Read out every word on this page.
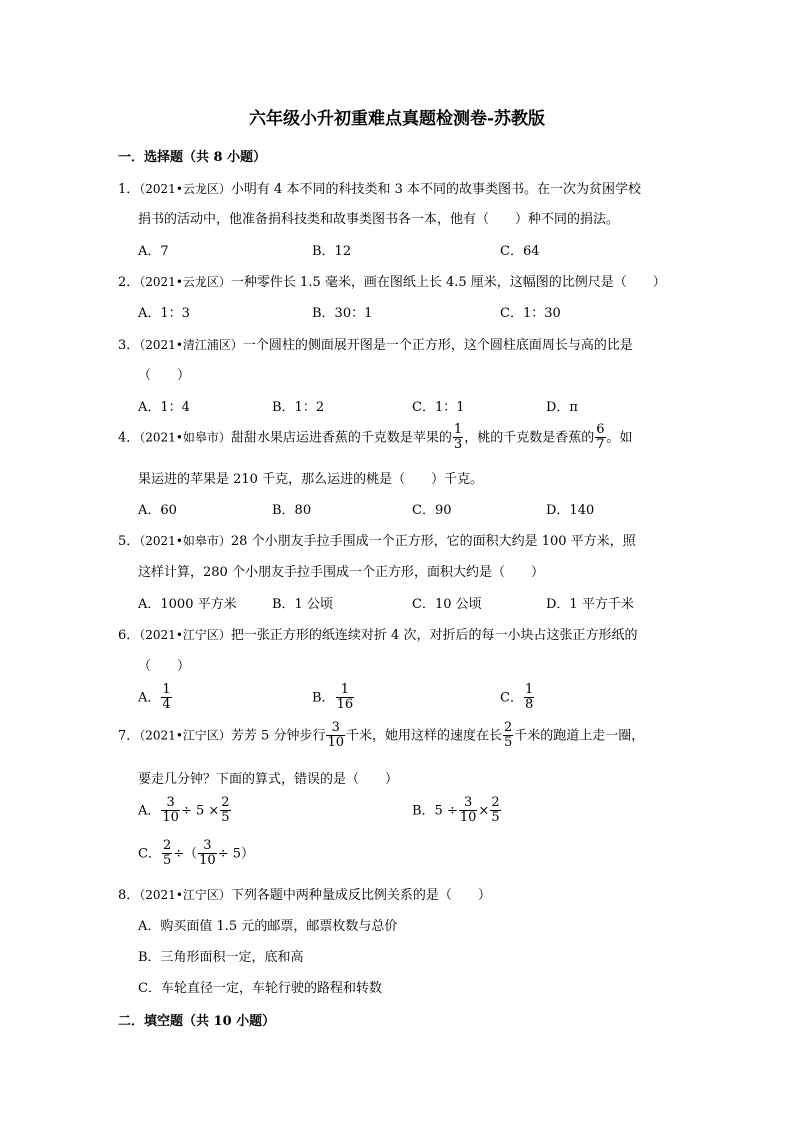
六年级小升初重难点真题检测卷-苏教版
一．选择题（共 8 小题）
1．（2021•云龙区）小明有 4 本不同的科技类和 3 本不同的故事类图书。在一次为贫困学校
捐书的活动中，他准备捐科技类和故事类图书各一本，他有（　　）种不同的捐法。
A．7	B．12	C．64
2．（2021•云龙区）一种零件长 1.5 毫米，画在图纸上长 4.5 厘米，这幅图的比例尺是（　　）
A．1：3	B．30：1	C．1：30
3．（2021•清江浦区）一个圆柱的侧面展开图是一个正方形，这个圆柱底面周长与高的比是
（　　）
A．1：4	B．1：2	C．1：1	D．π
4．（2021•如皋市）甜甜水果店运进香蕉的千克数是苹果的 $\frac{1}{3}$ ，桃的千克数是香蕉的 $\frac{6}{7}$ 。如
果运进的苹果是 210 千克，那么运进的桃是（　　）千克。
A．60	B．80	C．90	D．140
5．（2021•如皋市）28 个小朋友手拉手围成一个正方形，它的面积大约是 100 平方米，照
这样计算，280 个小朋友手拉手围成一个正方形，面积大约是（　　）
A．1000 平方米	B．1 公顷	C．10 公顷	D．1 平方千米
6．（2021•江宁区）把一张正方形的纸连续对折 4 次，对折后的每一小块占这张正方形纸的
（　　）
A． $\frac{1}{4}$	B． $\frac{1}{16}$	C． $\frac{1}{8}$
7．（2021•江宁区）芳芳 5 分钟步行 $\frac{3}{10}$ 千米，她用这样的速度在长 $\frac{2}{5}$ 千米的跑道上走一圈，
要走几分钟？下面的算式，错误的是（　　）
A． $\frac{3}{10} \div 5 \times \frac{2}{5}$	B．$5 \div \frac{3}{10} \times \frac{2}{5}$
C． $\frac{2}{5}$ ÷（ $\frac{3}{10} \div 5$）
8．（2021•江宁区）下列各题中两种量成反比例关系的是（　　）
A．购买面值 1.5 元的邮票，邮票枚数与总价
B．三角形面积一定，底和高
C．车轮直径一定，车轮行驶的路程和转数
二．填空题（共 10 小题）
